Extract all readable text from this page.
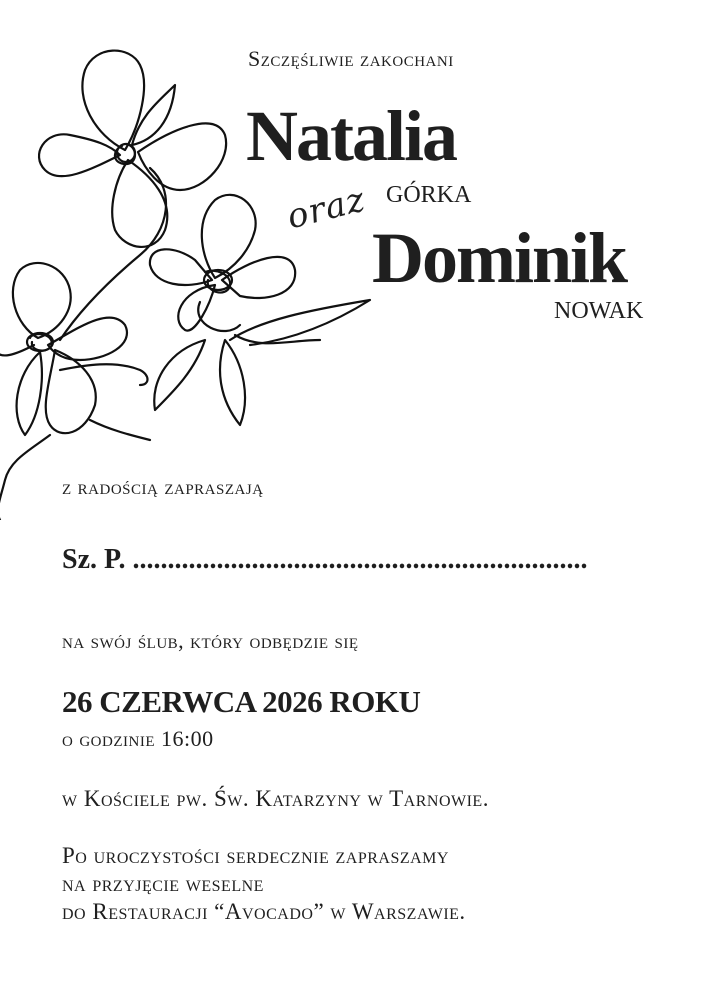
Szczęśliwie zakochani
Natalia
GÓRKA
oraz
Dominik
NOWAK
z radością zapraszają
Sz. P. .................................................................
na swój ślub, który odbędzie się
26 CZERWCA 2026 ROKU
o godzinie 16:00
w Kościele pw. Św. Katarzyny w Tarnowie.
Po uroczystości serdecznie zapraszamy
na przyjęcie weselne
do Restauracji “Avocado” w Warszawie.
